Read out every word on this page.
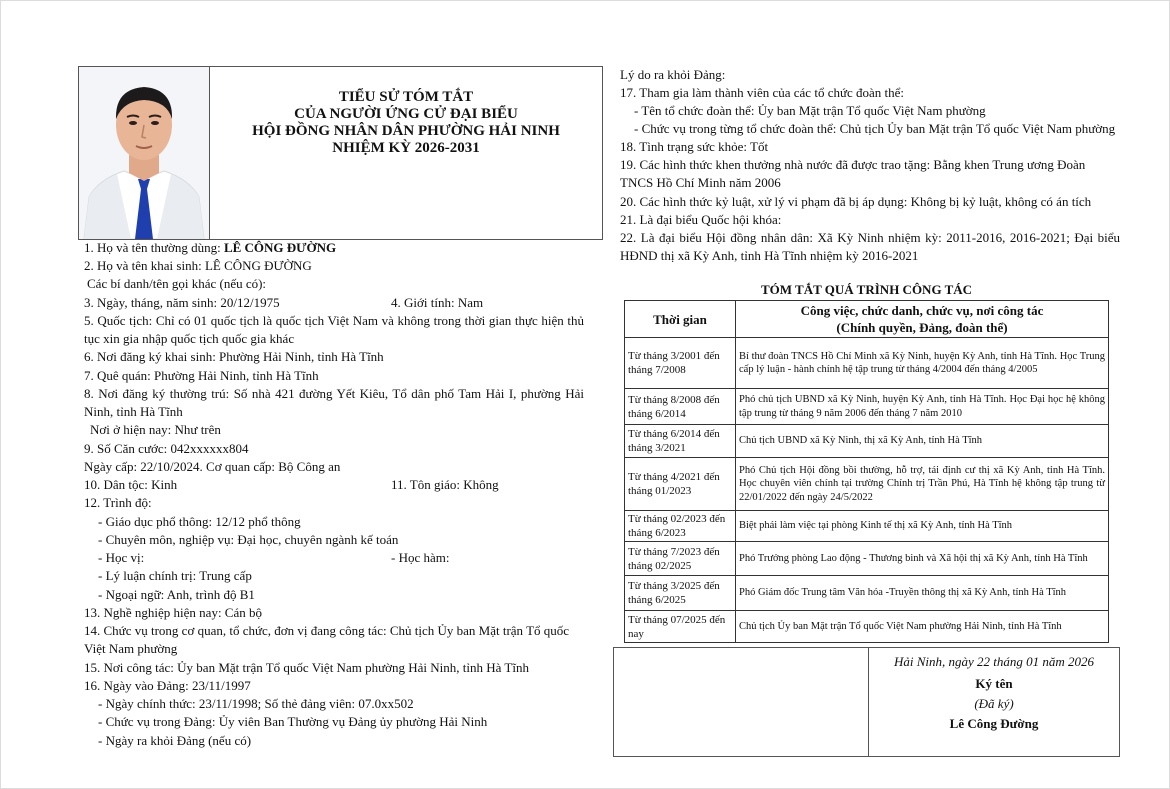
TIỂU SỬ TÓM TẮT
CỦA NGƯỜI ỨNG CỬ ĐẠI BIỂU
HỘI ĐỒNG NHÂN DÂN PHƯỜNG HẢI NINH
NHIỆM KỲ 2026-2031
1. Họ và tên thường dùng: LÊ CÔNG ĐƯỜNG
2. Họ và tên khai sinh: LÊ CÔNG ĐƯỜNG
Các bí danh/tên gọi khác (nếu có):
3. Ngày, tháng, năm sinh: 20/12/1975	4. Giới tính: Nam
5. Quốc tịch: Chỉ có 01 quốc tịch là quốc tịch Việt Nam và không trong thời gian thực hiện thủ tục xin gia nhập quốc tịch quốc gia khác
6. Nơi đăng ký khai sinh: Phường Hải Ninh, tỉnh Hà Tĩnh
7. Quê quán: Phường Hải Ninh, tỉnh Hà Tĩnh
8. Nơi đăng ký thường trú: Số nhà 421 đường Yết Kiêu, Tổ dân phố Tam Hải I, phường Hải Ninh, tỉnh Hà Tĩnh
Nơi ở hiện nay: Như trên
9. Số Căn cước: 042xxxxxx804
Ngày cấp: 22/10/2024. Cơ quan cấp: Bộ Công an
10. Dân tộc: Kinh	11. Tôn giáo: Không
12. Trình độ:
- Giáo dục phổ thông: 12/12 phổ thông
- Chuyên môn, nghiệp vụ: Đại học, chuyên ngành kế toán
- Học vị:	- Học hàm:
- Lý luận chính trị: Trung cấp
- Ngoại ngữ: Anh, trình độ B1
13. Nghề nghiệp hiện nay: Cán bộ
14. Chức vụ trong cơ quan, tổ chức, đơn vị đang công tác: Chủ tịch Ủy ban Mặt trận Tổ quốc Việt Nam phường
15. Nơi công tác: Ủy ban Mặt trận Tổ quốc Việt Nam phường Hải Ninh, tỉnh Hà Tĩnh
16. Ngày vào Đảng: 23/11/1997
- Ngày chính thức: 23/11/1998; Số thẻ đảng viên: 07.0xx502
- Chức vụ trong Đảng: Ủy viên Ban Thường vụ Đảng ủy phường Hải Ninh
- Ngày ra khỏi Đảng (nếu có)
Lý do ra khỏi Đảng:
17. Tham gia làm thành viên của các tổ chức đoàn thể:
- Tên tổ chức đoàn thể: Ủy ban Mặt trận Tổ quốc Việt Nam phường
- Chức vụ trong từng tổ chức đoàn thể: Chủ tịch Ủy ban Mặt trận Tổ quốc Việt Nam phường
18. Tình trạng sức khỏe: Tốt
19. Các hình thức khen thưởng nhà nước đã được trao tặng: Bằng khen Trung ương Đoàn TNCS Hồ Chí Minh năm 2006
20. Các hình thức kỷ luật, xử lý vi phạm đã bị áp dụng: Không bị kỷ luật, không có án tích
21. Là đại biểu Quốc hội khóa:
22. Là đại biểu Hội đồng nhân dân: Xã Kỳ Ninh nhiệm kỳ: 2011-2016, 2016-2021; Đại biểu HĐND thị xã Kỳ Anh, tỉnh Hà Tĩnh nhiệm kỳ 2016-2021
TÓM TẮT QUÁ TRÌNH CÔNG TÁC
Thời gian	Công việc, chức danh, chức vụ, nơi công tác
(Chính quyền, Đảng, đoàn thể)

Từ tháng 3/2001 đến tháng 7/2008	Bí thư đoàn TNCS Hồ Chí Minh xã Kỳ Ninh, huyện Kỳ Anh, tỉnh Hà Tĩnh. Học Trung cấp lý luận - hành chính hệ tập trung từ tháng 4/2004 đến tháng 4/2005
Từ tháng 8/2008 đến tháng 6/2014	Phó chủ tịch UBND xã Kỳ Ninh, huyện Kỳ Anh, tỉnh Hà Tĩnh. Học Đại học hệ không tập trung từ tháng 9 năm 2006 đến tháng 7 năm 2010
Từ tháng 6/2014 đến tháng 3/2021	Chủ tịch UBND xã Kỳ Ninh, thị xã Kỳ Anh, tỉnh Hà Tĩnh
Từ tháng 4/2021 đến tháng 01/2023	Phó Chủ tịch Hội đồng bồi thường, hỗ trợ, tái định cư thị xã Kỳ Anh, tỉnh Hà Tĩnh. Học chuyên viên chính tại trường Chính trị Trần Phú, Hà Tĩnh hệ không tập trung từ 22/01/2022 đến ngày 24/5/2022
Từ tháng 02/2023 đến tháng 6/2023	Biệt phái làm việc tại phòng Kinh tế thị xã Kỳ Anh, tỉnh Hà Tĩnh
Từ tháng 7/2023 đến tháng 02/2025	Phó Trưởng phòng Lao động - Thương binh và Xã hội thị xã Kỳ Anh, tỉnh Hà Tĩnh
Từ tháng 3/2025 đến tháng 6/2025	Phó Giám đốc Trung tâm Văn hóa -Truyền thông thị xã Kỳ Anh, tỉnh Hà Tĩnh
Từ tháng 07/2025 đến nay	Chủ tịch Ủy ban Mặt trận Tổ quốc Việt Nam phường Hải Ninh, tỉnh Hà Tĩnh
Hải Ninh, ngày 22 tháng 01 năm 2026
Ký tên
(Đã ký)
Lê Công Đường
